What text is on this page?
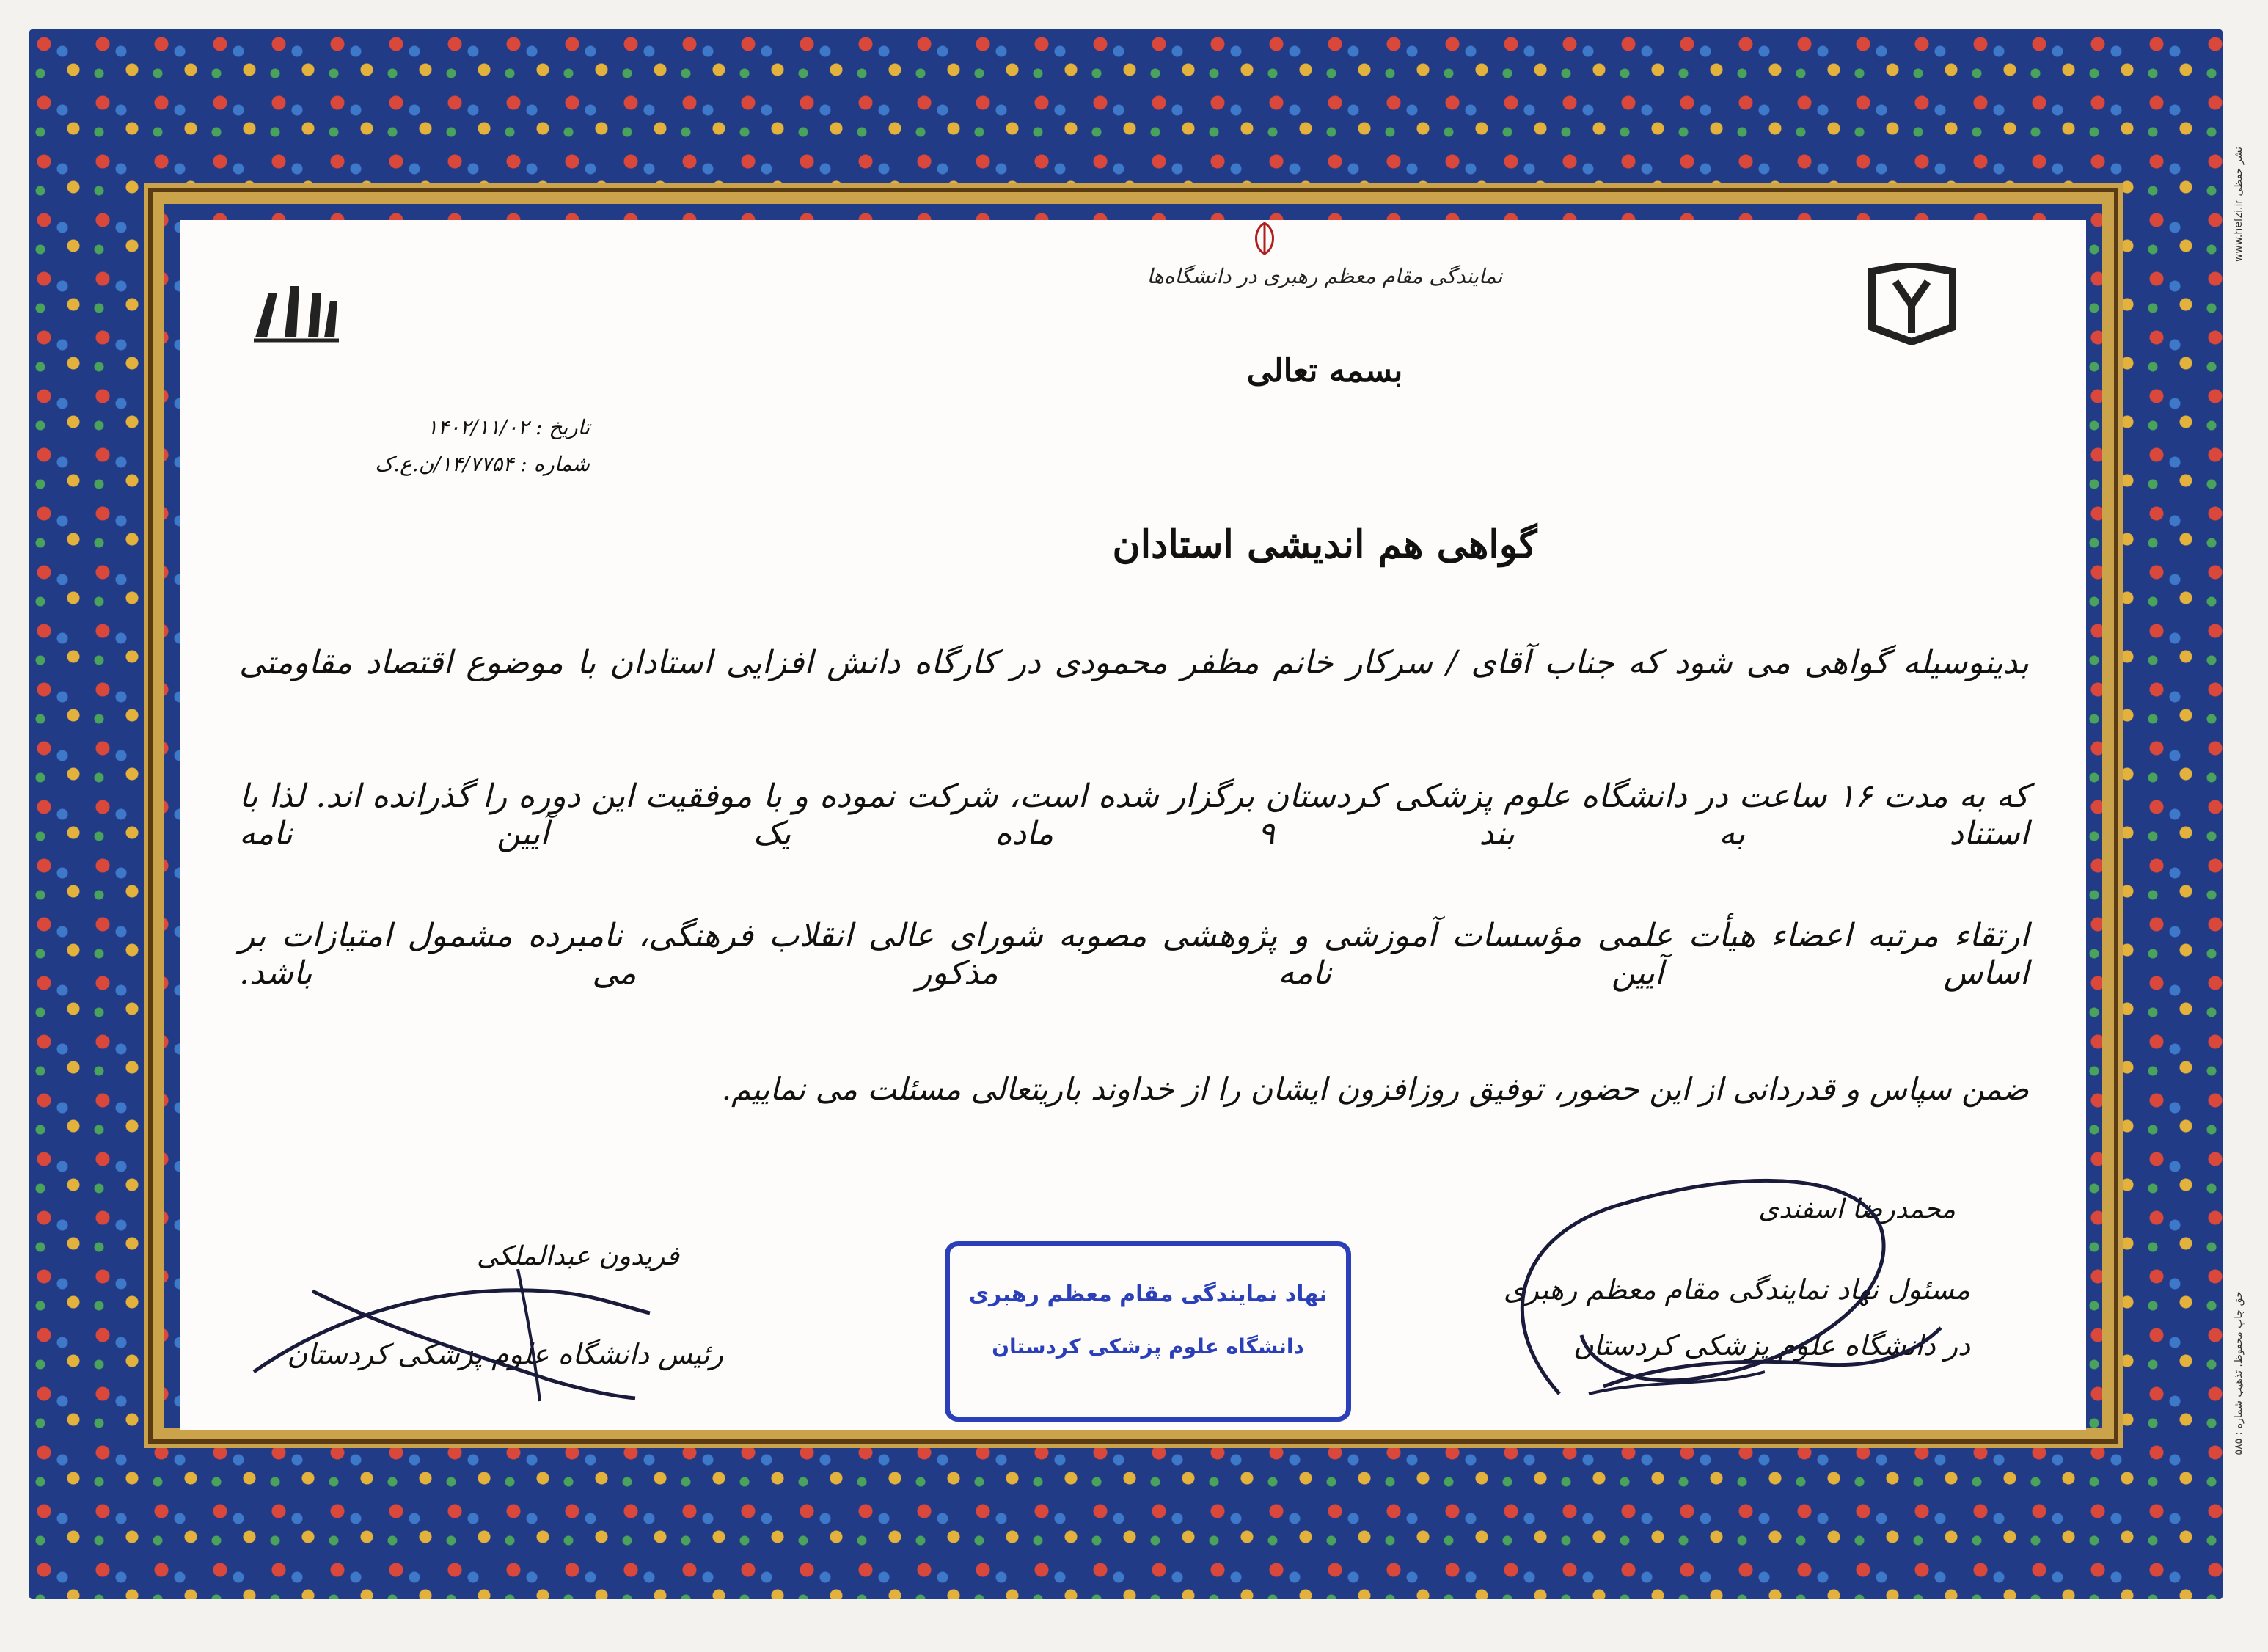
www.hefzi.ir نشر حفظی
حق چاپ محفوظ. تذهیب شماره : ۵۸۵
نمایندگی مقام معظم رهبری در دانشگاه‌ها
بسمه تعالی
تاریخ : ۱۴۰۲/۱۱/۰۲
شماره : ۱۴/۷۷۵۴/ن.ع.ک
گواهی هم اندیشی استادان
بدینوسیله گواهی می شود که جناب آقای / سرکار خانم مظفر محمودی در کارگاه دانش افزایی استادان با موضوع اقتصاد مقاومتی
که به مدت ۱۶ ساعت در دانشگاه علوم پزشکی کردستان برگزار شده است، شرکت نموده و با موفقیت این دوره را گذرانده اند. لذا با استناد به بند ۹ ماده یک آیین نامه
ارتقاء مرتبه اعضاء هیأت علمی مؤسسات آموزشی و پژوهشی مصوبه شورای عالی انقلاب فرهنگی، نامبرده مشمول امتیازات بر اساس آیین نامه مذکور می باشد.
ضمن سپاس و قدردانی از این حضور، توفیق روزافزون ایشان را از خداوند باریتعالی مسئلت می نماییم.
محمدرضا اسفندی
مسئول نهاد نمایندگی مقام معظم رهبری
در دانشگاه علوم پزشکی کردستان
فریدون عبدالملکی
رئیس دانشگاه علوم پزشکی کردستان
نهاد نمایندگی مقام معظم رهبری
دانشگاه علوم پزشکی کردستان
